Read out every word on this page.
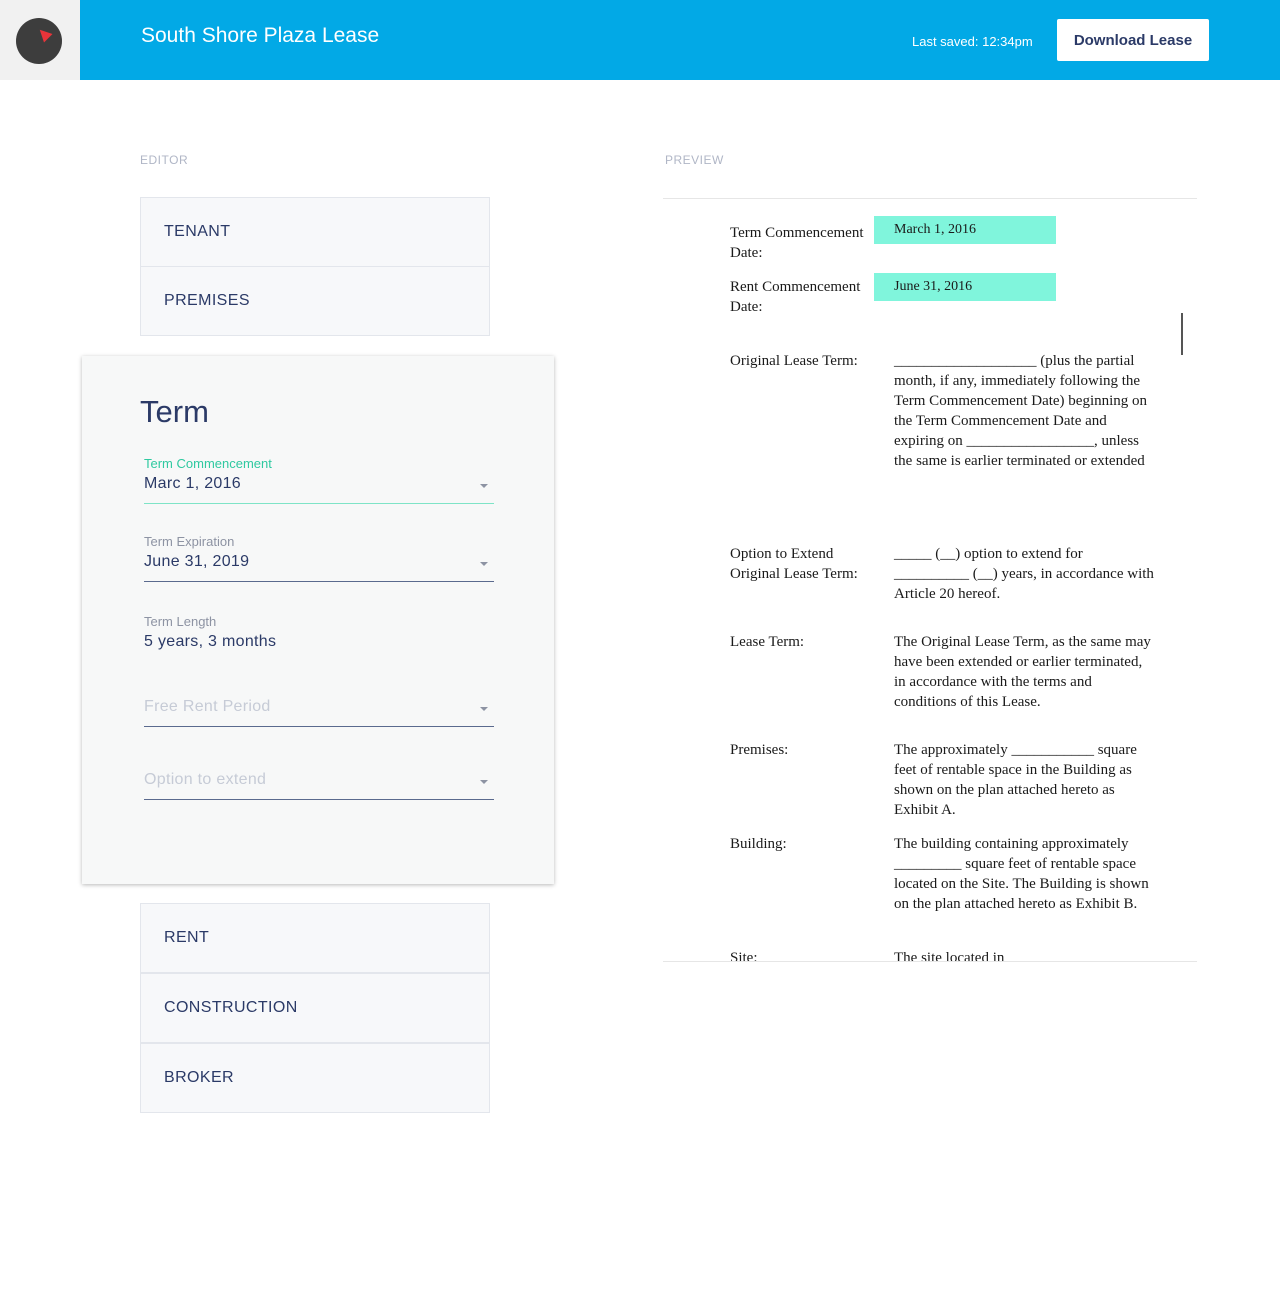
South Shore Plaza Lease	Last saved: 12:34pm	Download Lease
EDITOR	PREVIEW
TENANT
PREMISES
Term
Term Commencement
Marc 1, 2016
Term Expiration
June 31, 2019
Term Length
5 years, 3 months
Free Rent Period
Option to extend
RENT
CONSTRUCTION
BROKER
Term Commencement Date:
March 1, 2016
Rent Commencement Date:
June 31, 2016
Original Lease Term:	___________________ (plus the partial month, if any, immediately following the Term Commencement Date) beginning on the Term Commencement Date and expiring on _________________, unless the same is earlier terminated or extended
Option to Extend Original Lease Term:
_____ (__) option to extend for __________ (__) years, in accordance with Article 20 hereof.
Lease Term:	The Original Lease Term, as the same may have been extended or earlier terminated, in accordance with the terms and conditions of this Lease.
Premises:	The approximately ___________ square feet of rentable space in the Building as shown on the plan attached hereto as Exhibit A.
Building:	The building containing approximately _________ square feet of rentable space located on the Site. The Building is shown on the plan attached hereto as Exhibit B.
Site:	The site located in
